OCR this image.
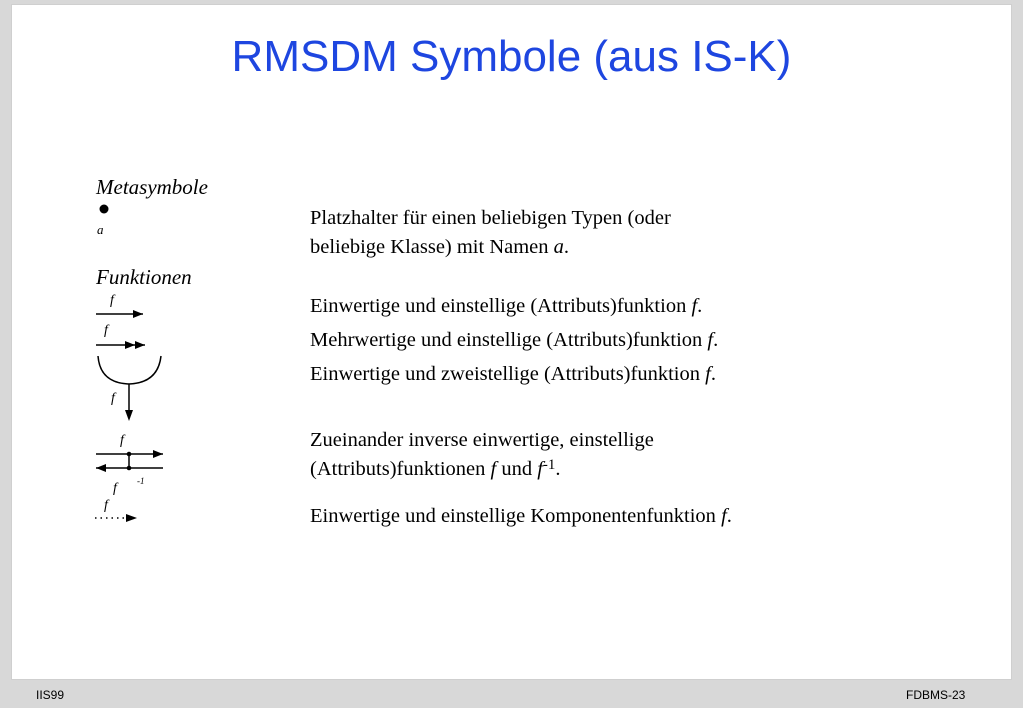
RMSDM Symbole (aus IS-K)
Metasymbole
Funktionen
a
f
f
f
f
f -1
f
Platzhalter für einen beliebigen Typen (oder
beliebige Klasse) mit Namen a.
Einwertige und einstellige (Attributs)funktion f.
Mehrwertige und einstellige (Attributs)funktion f.
Einwertige und zweistellige (Attributs)funktion f.
Zueinander inverse einwertige, einstellige
(Attributs)funktionen f und $f^{-1}$.
Einwertige und einstellige Komponentenfunktion f.
IIS99	FDBMS-23
